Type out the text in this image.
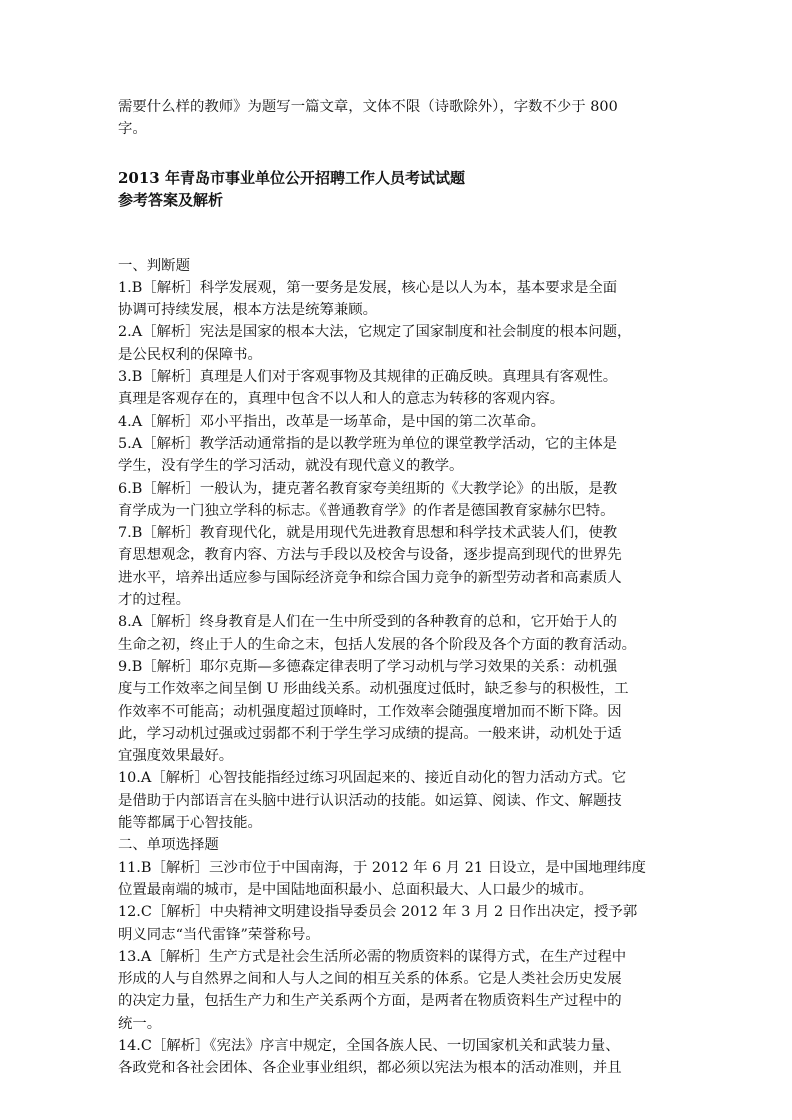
需要什么样的教师》为题写一篇文章，文体不限（诗歌除外），字数不少于 800

字。

2013 年青岛市事业单位公开招聘工作人员考试试题

参考答案及解析

一、判断题

1.B［解析］科学发展观，第一要务是发展，核心是以人为本，基本要求是全面

协调可持续发展，根本方法是统筹兼顾。

2.A［解析］宪法是国家的根本大法，它规定了国家制度和社会制度的根本问题，

是公民权利的保障书。

3.B［解析］真理是人们对于客观事物及其规律的正确反映。真理具有客观性。

真理是客观存在的，真理中包含不以人和人的意志为转移的客观内容。

4.A［解析］邓小平指出，改革是一场革命，是中国的第二次革命。

5.A［解析］教学活动通常指的是以教学班为单位的课堂教学活动，它的主体是

学生，没有学生的学习活动，就没有现代意义的教学。

6.B［解析］一般认为，捷克著名教育家夸美纽斯的《大教学论》的出版，是教

育学成为一门独立学科的标志。《普通教育学》的作者是德国教育家赫尔巴特。

7.B［解析］教育现代化，就是用现代先进教育思想和科学技术武装人们，使教

育思想观念，教育内容、方法与手段以及校舍与设备，逐步提高到现代的世界先

进水平，培养出适应参与国际经济竞争和综合国力竞争的新型劳动者和高素质人

才的过程。

8.A［解析］终身教育是人们在一生中所受到的各种教育的总和，它开始于人的

生命之初，终止于人的生命之末，包括人发展的各个阶段及各个方面的教育活动。

9.B［解析］耶尔克斯—多德森定律表明了学习动机与学习效果的关系：动机强

度与工作效率之间呈倒 U 形曲线关系。动机强度过低时，缺乏参与的积极性，工

作效率不可能高；动机强度超过顶峰时，工作效率会随强度增加而不断下降。因

此，学习动机过强或过弱都不利于学生学习成绩的提高。一般来讲，动机处于适

宜强度效果最好。

10.A［解析］心智技能指经过练习巩固起来的、接近自动化的智力活动方式。它

是借助于内部语言在头脑中进行认识活动的技能。如运算、阅读、作文、解题技

能等都属于心智技能。

二、单项选择题

11.B［解析］三沙市位于中国南海，于 2012 年 6 月 21 日设立，是中国地理纬度

位置最南端的城市，是中国陆地面积最小、总面积最大、人口最少的城市。

12.C［解析］中央精神文明建设指导委员会 2012 年 3 月 2 日作出决定，授予郭

明义同志“当代雷锋”荣誉称号。

13.A［解析］生产方式是社会生活所必需的物质资料的谋得方式，在生产过程中

形成的人与自然界之间和人与人之间的相互关系的体系。它是人类社会历史发展

的决定力量，包括生产力和生产关系两个方面，是两者在物质资料生产过程中的

统一。

14.C［解析］《宪法》序言中规定，全国各族人民、一切国家机关和武装力量、

各政党和各社会团体、各企业事业组织，都必须以宪法为根本的活动准则，并且
